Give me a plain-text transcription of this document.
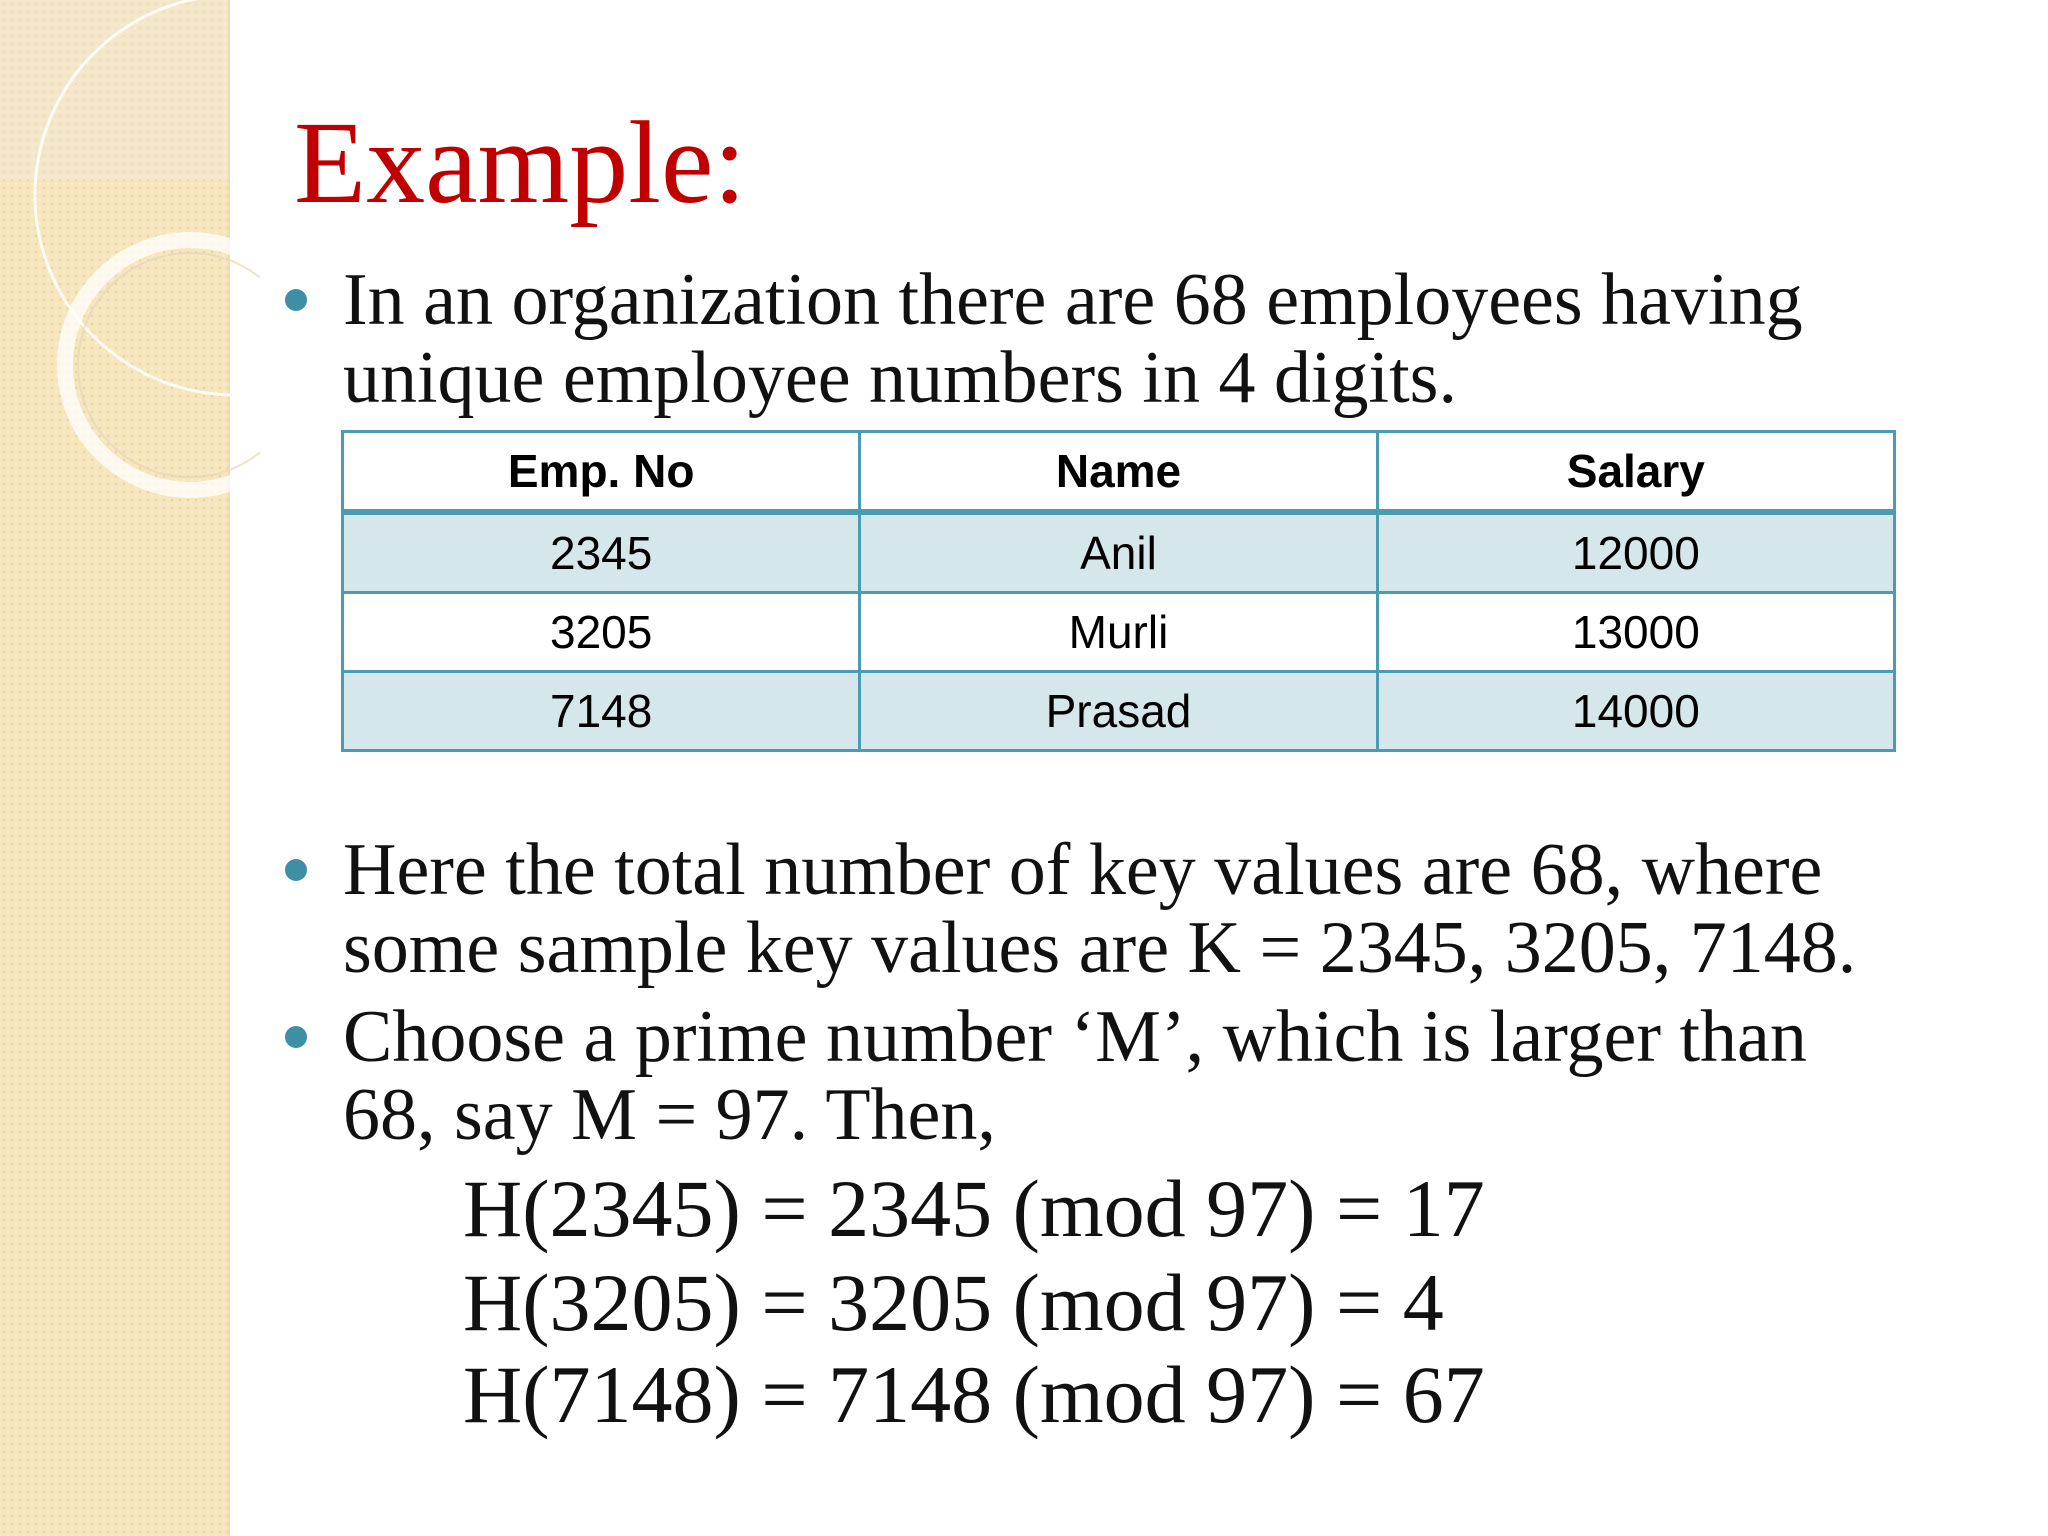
Example:

In an organization there are 68 employees having
unique employee numbers in 4 digits.

Emp. No	Name	Salary
2345	Anil	12000
3205	Murli	13000
7148	Prasad	14000

Here the total number of key values are 68, where
some sample key values are K = 2345, 3205, 7148.

Choose a prime number ‘M’, which is larger than
68, say M = 97. Then,

H(2345) = 2345 (mod 97) = 17

H(3205) = 3205 (mod 97) = 4

H(7148) = 7148 (mod 97) = 67
